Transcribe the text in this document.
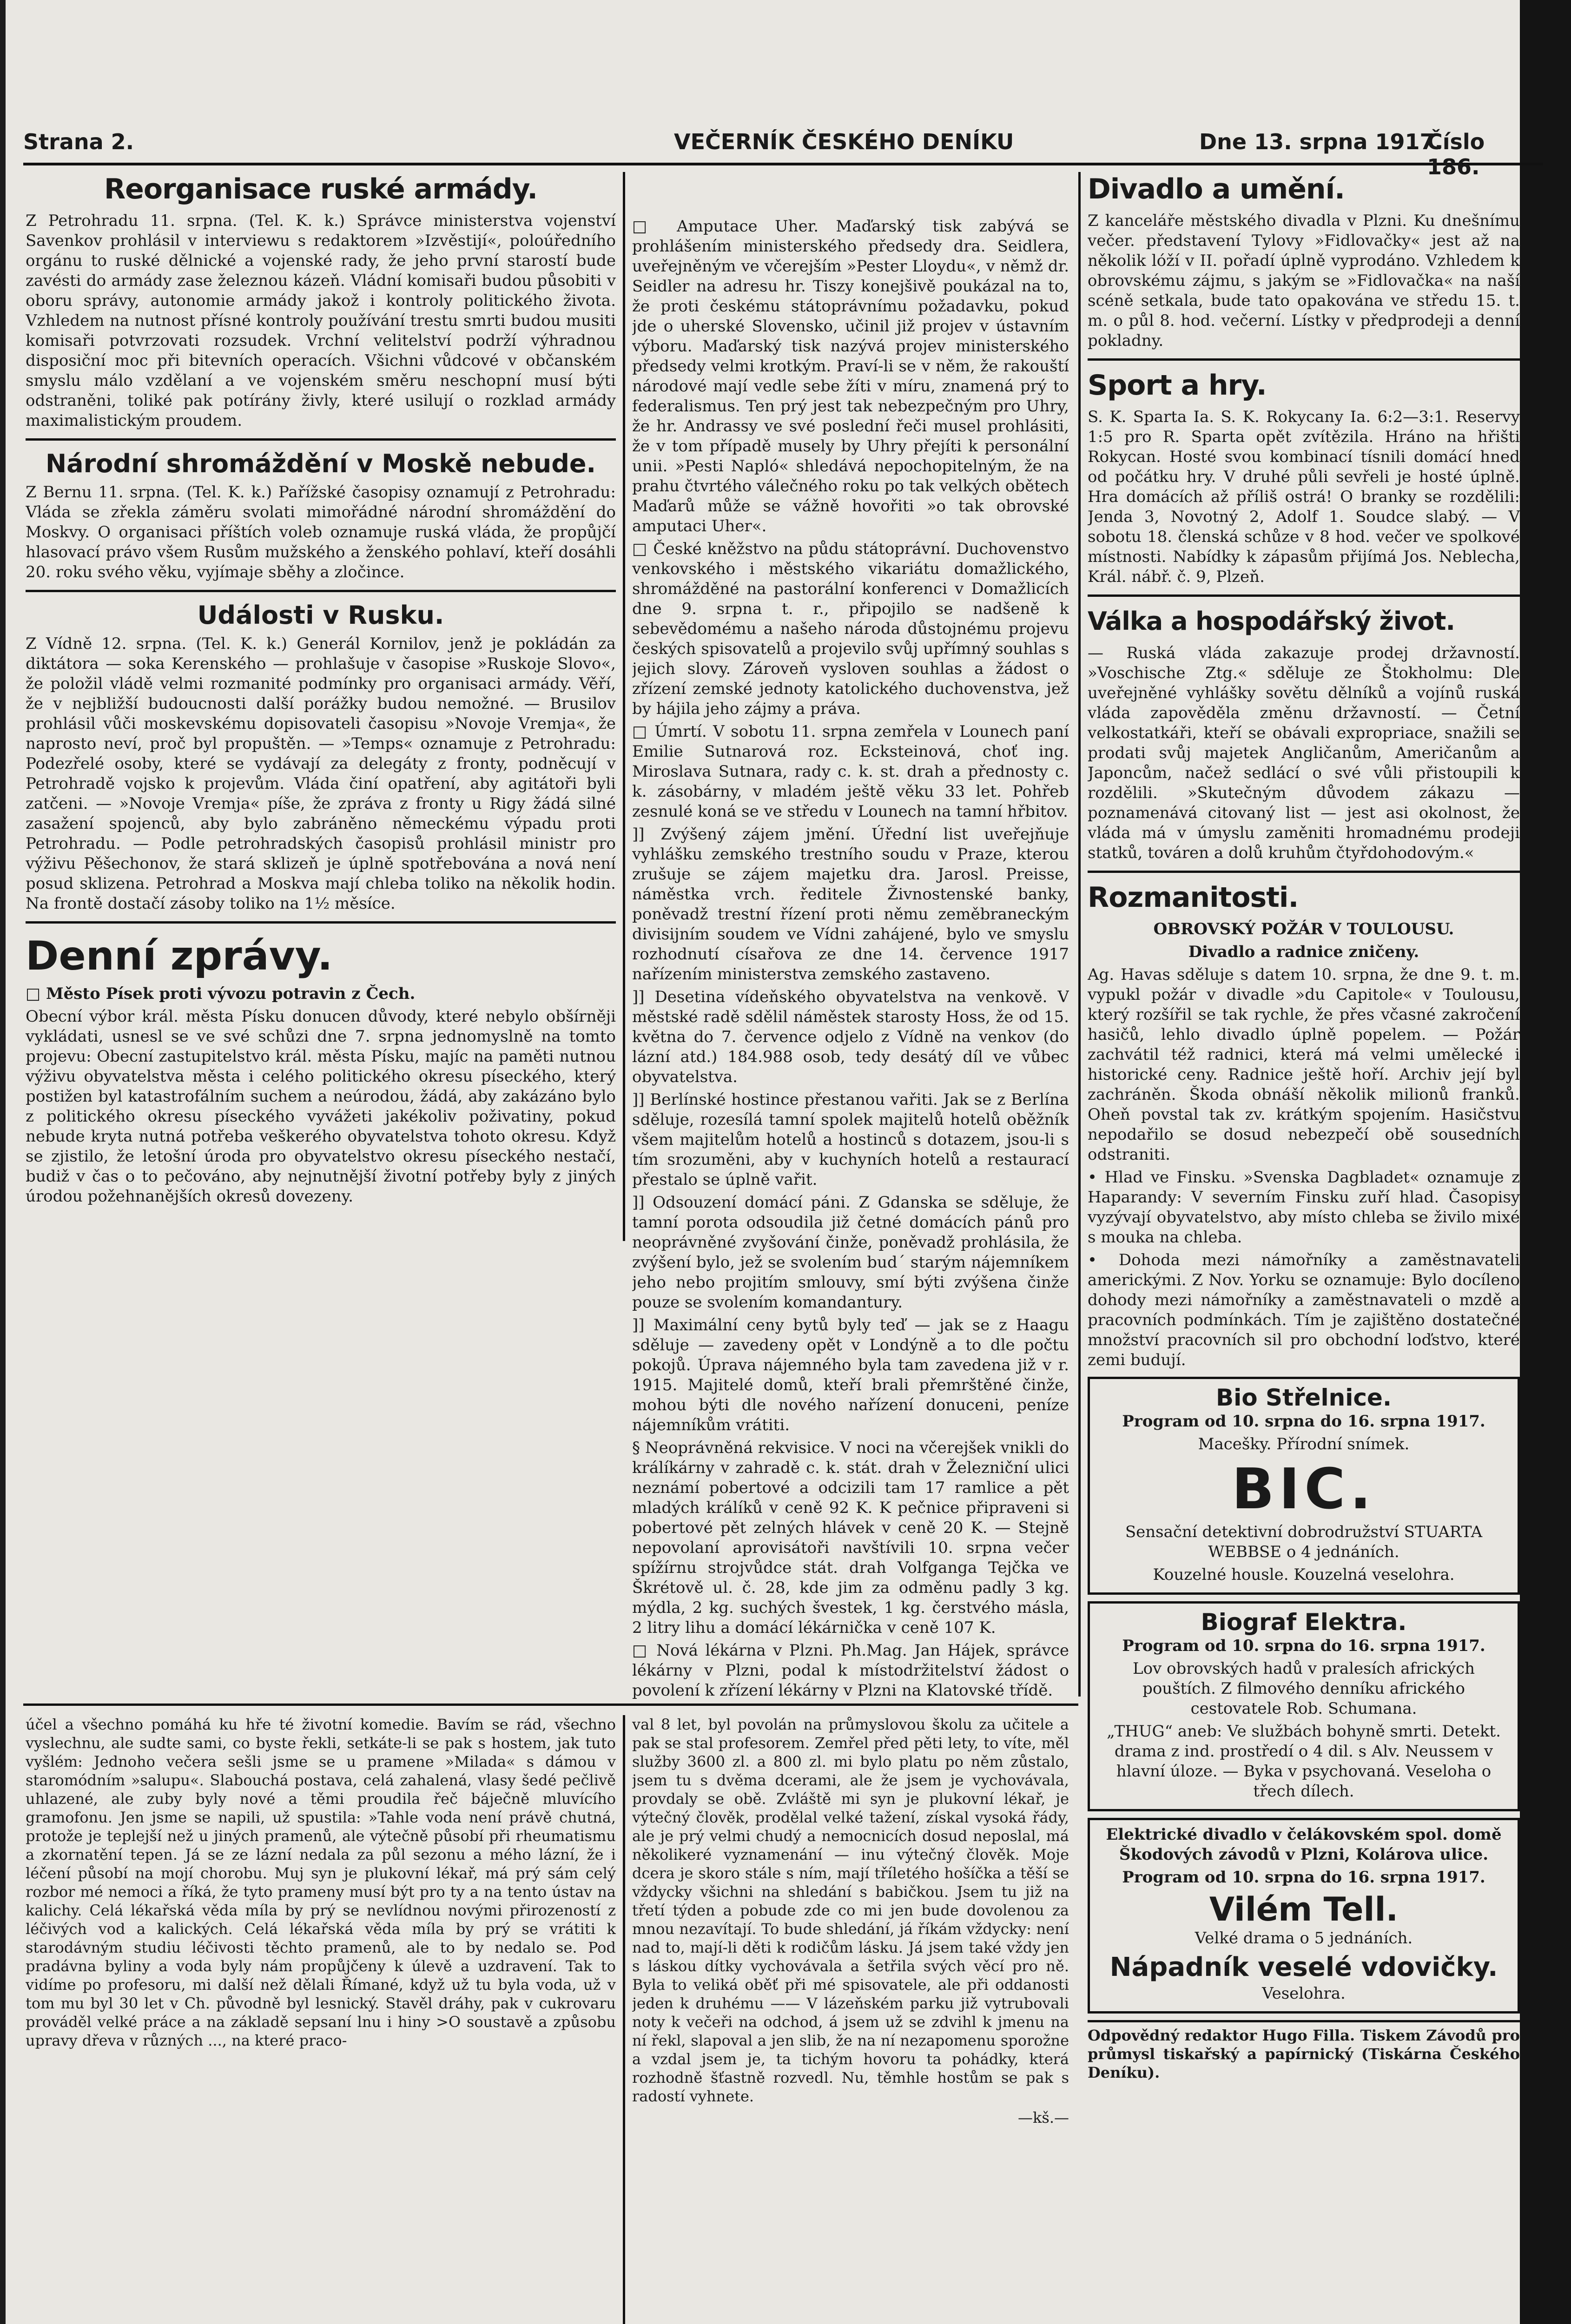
Strana 2.	VEČERNÍK ČESKÉHO DENÍKU	Dne 13. srpna 1917.
Číslo 186.
Reorganisace ruské armády.

Z Petrohradu 11. srpna. (Tel. K. k.) Správce ministerstva vojenství Savenkov prohlásil v interviewu s redaktorem »Izvěstijí«, poloúředního orgánu to ruské dělnické a vojenské rady, že jeho první starostí bude zavésti do armády zase železnou kázeň. Vládní komisaři budou působiti v oboru správy, autonomie armády jakož i kontroly politického života. Vzhledem na nutnost přísné kontroly používání trestu smrti budou musiti komisaři potvrzovati rozsudek. Vrchní velitelství podrží výhradnou disposiční moc při bitevních operacích. Všichni vůdcové v občanském smyslu málo vzdělaní a ve vojenském směru neschopní musí býti odstraněni, toliké pak potírány živly, které usilují o rozklad armády maximalistickým proudem.

Národní shromáždění v Moskě nebude.

Z Bernu 11. srpna. (Tel. K. k.) Pařížské časopisy oznamují z Petrohradu: Vláda se zřekla záměru svolati mimořádné národní shromáždění do Moskvy. O organisaci příštích voleb oznamuje ruská vláda, že propůjčí hlasovací právo všem Rusům mužského a ženského pohlaví, kteří dosáhli 20. roku svého věku, vyjímaje sběhy a zločince.

Události v Rusku.

Z Vídně 12. srpna. (Tel. K. k.) Generál Kornilov, jenž je pokládán za diktátora — soka Kerenského — prohlašuje v časopise »Ruskoje Slovo«, že položil vládě velmi rozmanité podmínky pro organisaci armády. Věří, že v nejbližší budoucnosti další porážky budou nemožné. — Brusilov prohlásil vůči moskevskému dopisovateli časopisu »Novoje Vremja«, že naprosto neví, proč byl propuštěn. — »Temps« oznamuje z Petrohradu: Podezřelé osoby, které se vydávají za delegáty z fronty, podněcují v Petrohradě vojsko k projevům. Vláda činí opatření, aby agitátoři byli zatčeni. — »Novoje Vremja« píše, že zpráva z fronty u Rigy žádá silné zasažení spojenců, aby bylo zabráněno německému výpadu proti Petrohradu. — Podle petrohradských časopisů prohlásil ministr pro výživu Pěšechonov, že stará sklizeň je úplně spotřebována a nová není posud sklizena. Petrohrad a Moskva mají chleba toliko na několik hodin. Na frontě dostačí zásoby toliko na 1½ měsíce.

Denní zprávy.

□ Město Písek proti vývozu potravin z Čech.

Obecní výbor král. města Písku donucen důvody, které nebylo obšírněji vykládati, usnesl se ve své schůzi dne 7. srpna jednomyslně na tomto projevu: Obecní zastupitelstvo král. města Písku, majíc na paměti nutnou výživu obyvatelstva města i celého politického okresu píseckého, který postižen byl katastrofálním suchem a neúrodou, žádá, aby zakázáno bylo z politického okresu píseckého vyvážeti jakékoliv poživatiny, pokud nebude kryta nutná potřeba veškerého obyvatelstva tohoto okresu. Když se zjistilo, že letošní úroda pro obyvatelstvo okresu píseckého nestačí, budiž v čas o to pečováno, aby nejnutnější životní potřeby byly z jiných úrodou požehnanějších okresů dovezeny.

□ Amputace Uher. Maďarský tisk zabývá se prohlášením ministerského předsedy dra. Seidlera, uveřejněným ve včerejším »Pester Lloydu«, v němž dr. Seidler na adresu hr. Tiszy konejšivě poukázal na to, že proti českému státoprávnímu požadavku, pokud jde o uherské Slovensko, učinil již projev v ústavním výboru. Maďarský tisk nazývá projev ministerského předsedy velmi krotkým. Praví-li se v něm, že rakouští národové mají vedle sebe žíti v míru, znamená prý to federalismus. Ten prý jest tak nebezpečným pro Uhry, že hr. Andrassy ve své poslední řeči musel prohlásiti, že v tom případě musely by Uhry přejíti k personální unii. »Pesti Napló« shledává nepochopitelným, že na prahu čtvrtého válečného roku po tak velkých obětech Maďarů může se vážně hovořiti »o tak obrovské amputaci Uher«.

□ České kněžstvo na půdu státoprávní. Duchovenstvo venkovského i městského vikariátu domažlického, shromážděné na pastorální konferenci v Domažlicích dne 9. srpna t. r., připojilo se nadšeně k sebevědomému a našeho národa důstojnému projevu českých spisovatelů a projevilo svůj upřímný souhlas s jejich slovy. Zároveň vysloven souhlas a žádost o zřízení zemské jednoty katolického duchovenstva, jež by hájila jeho zájmy a práva.

□ Úmrtí. V sobotu 11. srpna zemřela v Lounech paní Emilie Sutnarová roz. Ecksteinová, choť ing. Miroslava Sutnara, rady c. k. st. drah a přednosty c. k. zásobárny, v mladém ještě věku 33 let. Pohřeb zesnulé koná se ve středu v Lounech na tamní hřbitov.

]] Zvýšený zájem jmění. Úřední list uveřejňuje vyhlášku zemského trestního soudu v Praze, kterou zrušuje se zájem majetku dra. Jarosl. Preisse, náměstka vrch. ředitele Živnostenské banky, poněvadž trestní řízení proti němu zeměbraneckým divisijním soudem ve Vídni zahájené, bylo ve smyslu rozhodnutí císařova ze dne 14. července 1917 nařízením ministerstva zemského zastaveno.

]] Desetina vídeňského obyvatelstva na venkově. V městské radě sdělil náměstek starosty Hoss, že od 15. května do 7. července odjelo z Vídně na venkov (do lázní atd.) 184.988 osob, tedy desátý díl ve vůbec obyvatelstva.

]] Berlínské hostince přestanou vařiti. Jak se z Berlína sděluje, rozesílá tamní spolek majitelů hotelů oběžník všem majitelům hotelů a hostinců s dotazem, jsou-li s tím srozuměni, aby v kuchyních hotelů a restaurací přestalo se úplně vařit.

]] Odsouzení domácí páni. Z Gdanska se sděluje, že tamní porota odsoudila již četné domácích pánů pro neoprávněné zvyšování činže, poněvadž prohlásila, že zvýšení bylo, jež se svolením bud´ starým nájemníkem jeho nebo projitím smlouvy, smí býti zvýšena činže pouze se svolením komandantury.

]] Maximální ceny bytů byly teď — jak se z Haagu sděluje — zavedeny opět v Londýně a to dle počtu pokojů. Úprava nájemného byla tam zavedena již v r. 1915. Majitelé domů, kteří brali přemrštěné činže, mohou býti dle nového nařízení donuceni, peníze nájemníkům vrátiti.

§ Neoprávněná rekvisice. V noci na včerejšek vnikli do králíkárny v zahradě c. k. stát. drah v Železniční ulici neznámí pobertové a odcizili tam 17 ramlice a pět mladých králíků v ceně 92 K. K pečnice připraveni si pobertové pět zelných hlávek v ceně 20 K. — Stejně nepovolaní aprovisátoři navštívili 10. srpna večer spížírnu strojvůdce stát. drah Volfganga Tejčka ve Škrétově ul. č. 28, kde jim za odměnu padly 3 kg. mýdla, 2 kg. suchých švestek, 1 kg. čerstvého másla, 2 litry lihu a domácí lékárnička v ceně 107 K.

□ Nová lékárna v Plzni. Ph.Mag. Jan Hájek, správce lékárny v Plzni, podal k místodržitelství žádost o povolení k zřízení lékárny v Plzni na Klatovské třídě.

Divadlo a umění.

Z kanceláře městského divadla v Plzni. Ku dnešnímu večer. představení Tylovy »Fidlovačky« jest až na několik lóží v II. pořadí úplně vyprodáno. Vzhledem k obrovskému zájmu, s jakým se »Fidlovačka« na naší scéně setkala, bude tato opakována ve středu 15. t. m. o půl 8. hod. večerní. Lístky v předprodeji a denní pokladny.

Sport a hry.

S. K. Sparta Ia. S. K. Rokycany Ia. 6:2—3:1. Reservy 1:5 pro R. Sparta opět zvítězila. Hráno na hřišti Rokycan. Hosté svou kombinací tísnili domácí hned od počátku hry. V druhé půli sevřeli je hosté úplně. Hra domácích až příliš ostrá! O branky se rozdělili: Jenda 3, Novotný 2, Adolf 1. Soudce slabý. — V sobotu 18. členská schůze v 8 hod. večer ve spolkové místnosti. Nabídky k zápasům přijímá Jos. Neblecha, Král. nábř. č. 9, Plzeň.

Válka a hospodářský život.

— Ruská vláda zakazuje prodej državností. »Voschische Ztg.« sděluje ze Štokholmu: Dle uveřejněné vyhlášky sovětu dělníků a vojínů ruská vláda zapověděla změnu državností. — Četní velkostatkáři, kteří se obávali expropriace, snažili se prodati svůj majetek Angličanům, Američanům a Japoncům, načež sedlácí o své vůli přistoupili k rozdělili. »Skutečným důvodem zákazu — poznamenává citovaný list — jest asi okolnost, že vláda má v úmyslu zaměniti hromadnému prodeji statků, továren a dolů kruhům čtyřdohodovým.«

Rozmanitosti.

OBROVSKÝ POŽÁR V TOULOUSU.

Divadlo a radnice zničeny.

Ag. Havas sděluje s datem 10. srpna, že dne 9. t. m. vypukl požár v divadle »du Capitole« v Toulousu, který rozšířil se tak rychle, že přes včasné zakročení hasičů, lehlo divadlo úplně popelem. — Požár zachvátil též radnici, která má velmi umělecké i historické ceny. Radnice ještě hoří. Archiv její byl zachráněn. Škoda obnáší několik milionů franků. Oheň povstal tak zv. krátkým spojením. Hasičstvu nepodařilo se dosud nebezpečí obě sousedních odstraniti.

• Hlad ve Finsku. »Svenska Dagbladet« oznamuje z Haparandy: V severním Finsku zuří hlad. Časopisy vyzývají obyvatelstvo, aby místo chleba se živilo mixé s mouka na chleba.

• Dohoda mezi námořníky a zaměstnavateli americkými. Z Nov. Yorku se oznamuje: Bylo docíleno dohody mezi námořníky a zaměstnavateli o mzdě a pracovních podmínkách. Tím je zajištěno dostatečné množství pracovních sil pro obchodní loďstvo, které zemi budují.

Bio Střelnice.

Program od 10. srpna do 16. srpna 1917.

Macešky. Přírodní snímek.

BIC.

Sensační detektivní dobrodružství STUARTA WEBBSE o 4 jednáních.

Kouzelné housle. Kouzelná veselohra.

Biograf Elektra.

Program od 10. srpna do 16. srpna 1917.

Lov obrovských hadů v pralesích afrických pouštích. Z filmového denníku afrického cestovatele Rob. Schumana.

„THUG“ aneb: Ve službách bohyně smrti. Detekt. drama z ind. prostředí o 4 dil. s Alv. Neussem v hlavní úloze. — Byka v psychovaná. Veseloha o třech dílech.

Elektrické divadlo v čelákovském spol. domě Škodových závodů v Plzni, Kolárova ulice.

Program od 10. srpna do 16. srpna 1917.

Vilém Tell.

Velké drama o 5 jednáních.

Nápadník veselé vdovičky.

Veselohra.

Odpovědný redaktor Hugo Filla. Tiskem Závodů pro průmysl tiskařský a papírnický (Tiskárna Českého Deníku).

účel a všechno pomáhá ku hře té životní komedie. Bavím se rád, všechno vyslechnu, ale sudte sami, co byste řekli, setkáte-li se pak s hostem, jak tuto vyšlém: Jednoho večera sešli jsme se u pramene »Milada« s dámou v staromódním »salupu«. Slabouchá postava, celá zahalená, vlasy šedé pečlivě uhlazené, ale zuby byly nové a těmi proudila řeč báječně mluvícího gramofonu. Jen jsme se napili, už spustila: »Tahle voda není právě chutná, protože je teplejší než u jiných pramenů, ale výtečně působí při rheumatismu a zkornatění tepen. Já se ze lázní nedala za půl sezonu a mého lázní, že i léčení působí na mojí chorobu. Muj syn je plukovní lékař, má prý sám celý rozbor mé nemoci a říká, že tyto prameny musí být pro ty a na tento ústav na kalichy. Celá lékařská věda míla by prý se nevlídnou novými přirozeností z léčivých vod a kalických. Celá lékařská věda míla by prý se vrátiti k starodávným studiu léčivosti těchto pramenů, ale to by nedalo se. Pod pradávna byliny a voda byly nám propůjčeny k úlevě a uzdravení. Tak to vidíme po profesoru, mi další než dělali Římané, když už tu byla voda, už v tom mu byl 30 let v Ch. původně byl lesnický. Stavěl dráhy, pak v cukrovaru prováděl velké práce a na základě sepsaní lnu i hiny >O soustavě a způsobu upravy dřeva v různých ..., na které praco-

val 8 let, byl povolán na průmyslovou školu za učitele a pak se stal profesorem. Zemřel před pěti lety, to víte, měl služby 3600 zl. a 800 zl. mi bylo platu po něm zůstalo, jsem tu s dvěma dcerami, ale že jsem je vychovávala, provdaly se obě. Zvláště mi syn je plukovní lékař, je výtečný člověk, prodělal velké tažení, získal vysoká řády, ale je prý velmi chudý a nemocnicích dosud neposlal, má několikeré vyznamenání — inu výtečný člověk. Moje dcera je skoro stále s ním, mají tříletého hošíčka a těší se vždycky všichni na shledání s babičkou. Jsem tu již na třetí týden a pobude zde co mi jen bude dovolenou za mnou nezavítají. To bude shledání, já říkám vždycky: není nad to, mají-li děti k rodičům lásku. Já jsem také vždy jen s láskou dítky vychovávala a šetřila svých věcí pro ně. Byla to veliká oběť při mé spisovatele, ale při oddanosti jeden k druhému —— V lázeňském parku již vytrubovali noty k večeři na odchod, á jsem už se zdvihl k jmenu na ní řekl, slapoval a jen slib, že na ní nezapomenu sporožne a vzdal jsem je, ta tichým hovoru ta pohádky, která rozhodně šťastně rozvedl. Nu, těmhle hostům se pak s radostí vyhnete.

—kš.—
